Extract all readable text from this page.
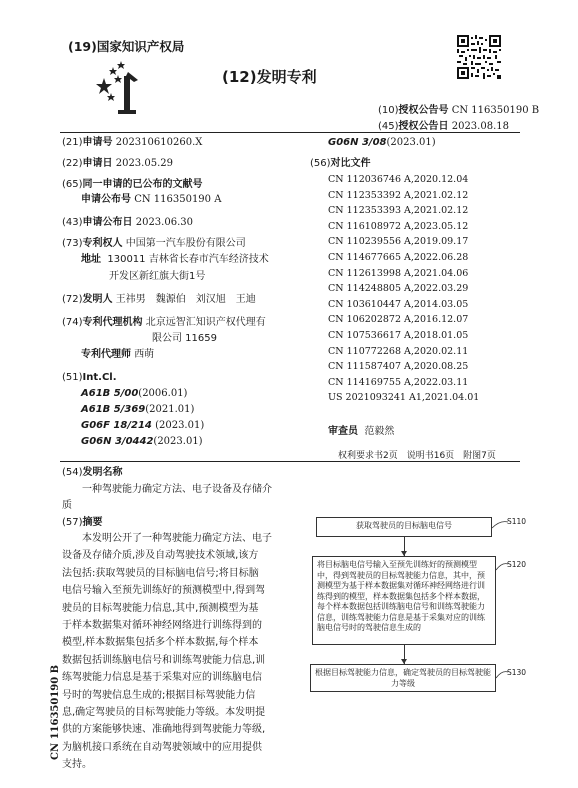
(19)国家知识产权局
(12)发明专利
(10)授权公告号 CN 116350190 B
(45)授权公告日 2023.08.18
(21)申请号 202310610260.X
(22)申请日 2023.05.29
(65)同一申请的已公布的文献号
申请公布号 CN 116350190 A
(43)申请公布日 2023.06.30
(73)专利权人 中国第一汽车股份有限公司
地址 130011 吉林省长春市汽车经济技术
开发区新红旗大街1号
(72)发明人 王祎男　魏源伯　刘汉旭　王迪
(74)专利代理机构 北京远智汇知识产权代理有
限公司 11659
专利代理师 西萌
(51)Int.Cl.
A61B 5/00(2006.01)
A61B 5/369(2021.01)
G06F 18/214 (2023.01)
G06N 3/0442(2023.01)
G06N 3/08(2023.01)
(56)对比文件
CN 112036746 A,2020.12.04
CN 112353392 A,2021.02.12
CN 112353393 A,2021.02.12
CN 116108972 A,2023.05.12
CN 110239556 A,2019.09.17
CN 114677665 A,2022.06.28
CN 112613998 A,2021.04.06
CN 114248805 A,2022.03.29
CN 103610447 A,2014.03.05
CN 106202872 A,2016.12.07
CN 107536617 A,2018.01.05
CN 110772268 A,2020.02.11
CN 111587407 A,2020.08.25
CN 114169755 A,2022.03.11
US 2021093241 A1,2021.04.01
审查员 范毅然
权利要求书2页　说明书16页　附图7页
(54)发明名称
一种驾驶能力确定方法、电子设备及存储介
质
(57)摘要
本发明公开了一种驾驶能力确定方法、电子
设备及存储介质,涉及自动驾驶技术领域,该方
法包括:获取驾驶员的目标脑电信号;将目标脑
电信号输入至预先训练好的预测模型中,得到驾
驶员的目标驾驶能力信息,其中,预测模型为基
于样本数据集对循环神经网络进行训练得到的
模型,样本数据集包括多个样本数据,每个样本
数据包括训练脑电信号和训练驾驶能力信息,训
练驾驶能力信息是基于采集对应的训练脑电信
号时的驾驶信息生成的;根据目标驾驶能力信
息,确定驾驶员的目标驾驶能力等级。本发明提
供的方案能够快速、准确地得到驾驶能力等级,
为脑机接口系统在自动驾驶领域中的应用提供
支持。
获取驾驶员的目标脑电信号	S110
将目标脑电信号输入至预先训练好的预测模型中，得到驾驶员的目标驾驶能力信息，其中，预测模型为基于样本数据集对循环神经网络进行训练得到的模型，样本数据集包括多个样本数据，每个样本数据包括训练脑电信号和训练驾驶能力信息，训练驾驶能力信息是基于采集对应的训练脑电信号时的驾驶信息生成的
S120
根据目标驾驶能力信息，确定驾驶员的目标驾驶能力等级
S130
CN 116350190 B
